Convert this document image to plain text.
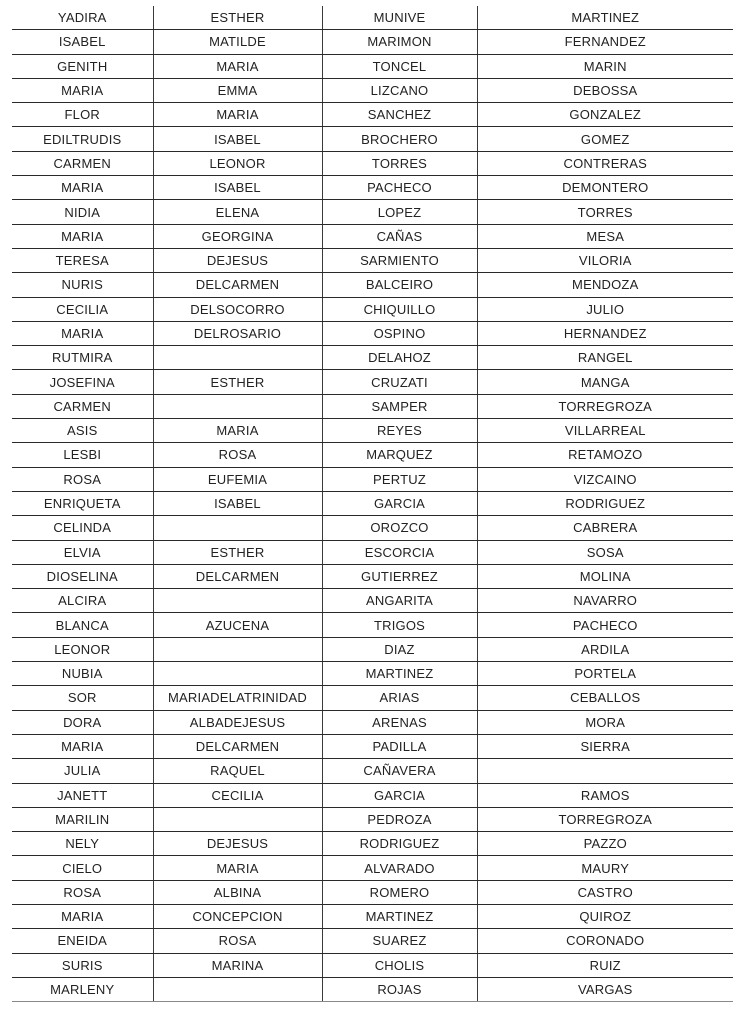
YADIRA	ESTHER	MUNIVE	MARTINEZ
ISABEL	MATILDE	MARIMON	FERNANDEZ
GENITH	MARIA	TONCEL	MARIN
MARIA	EMMA	LIZCANO	DEBOSSA
FLOR	MARIA	SANCHEZ	GONZALEZ
EDILTRUDIS	ISABEL	BROCHERO	GOMEZ
CARMEN	LEONOR	TORRES	CONTRERAS
MARIA	ISABEL	PACHECO	DEMONTERO
NIDIA	ELENA	LOPEZ	TORRES
MARIA	GEORGINA	CAÑAS	MESA
TERESA	DEJESUS	SARMIENTO	VILORIA
NURIS	DELCARMEN	BALCEIRO	MENDOZA
CECILIA	DELSOCORRO	CHIQUILLO	JULIO
MARIA	DELROSARIO	OSPINO	HERNANDEZ
RUTMIRA		DELAHOZ	RANGEL
JOSEFINA	ESTHER	CRUZATI	MANGA
CARMEN		SAMPER	TORREGROZA
ASIS	MARIA	REYES	VILLARREAL
LESBI	ROSA	MARQUEZ	RETAMOZO
ROSA	EUFEMIA	PERTUZ	VIZCAINO
ENRIQUETA	ISABEL	GARCIA	RODRIGUEZ
CELINDA		OROZCO	CABRERA
ELVIA	ESTHER	ESCORCIA	SOSA
DIOSELINA	DELCARMEN	GUTIERREZ	MOLINA
ALCIRA		ANGARITA	NAVARRO
BLANCA	AZUCENA	TRIGOS	PACHECO
LEONOR		DIAZ	ARDILA
NUBIA		MARTINEZ	PORTELA
SOR	MARIADELATRINIDAD	ARIAS	CEBALLOS
DORA	ALBADEJESUS	ARENAS	MORA
MARIA	DELCARMEN	PADILLA	SIERRA
JULIA	RAQUEL	CAÑAVERA	
JANETT	CECILIA	GARCIA	RAMOS
MARILIN		PEDROZA	TORREGROZA
NELY	DEJESUS	RODRIGUEZ	PAZZO
CIELO	MARIA	ALVARADO	MAURY
ROSA	ALBINA	ROMERO	CASTRO
MARIA	CONCEPCION	MARTINEZ	QUIROZ
ENEIDA	ROSA	SUAREZ	CORONADO
SURIS	MARINA	CHOLIS	RUIZ
MARLENY		ROJAS	VARGAS
